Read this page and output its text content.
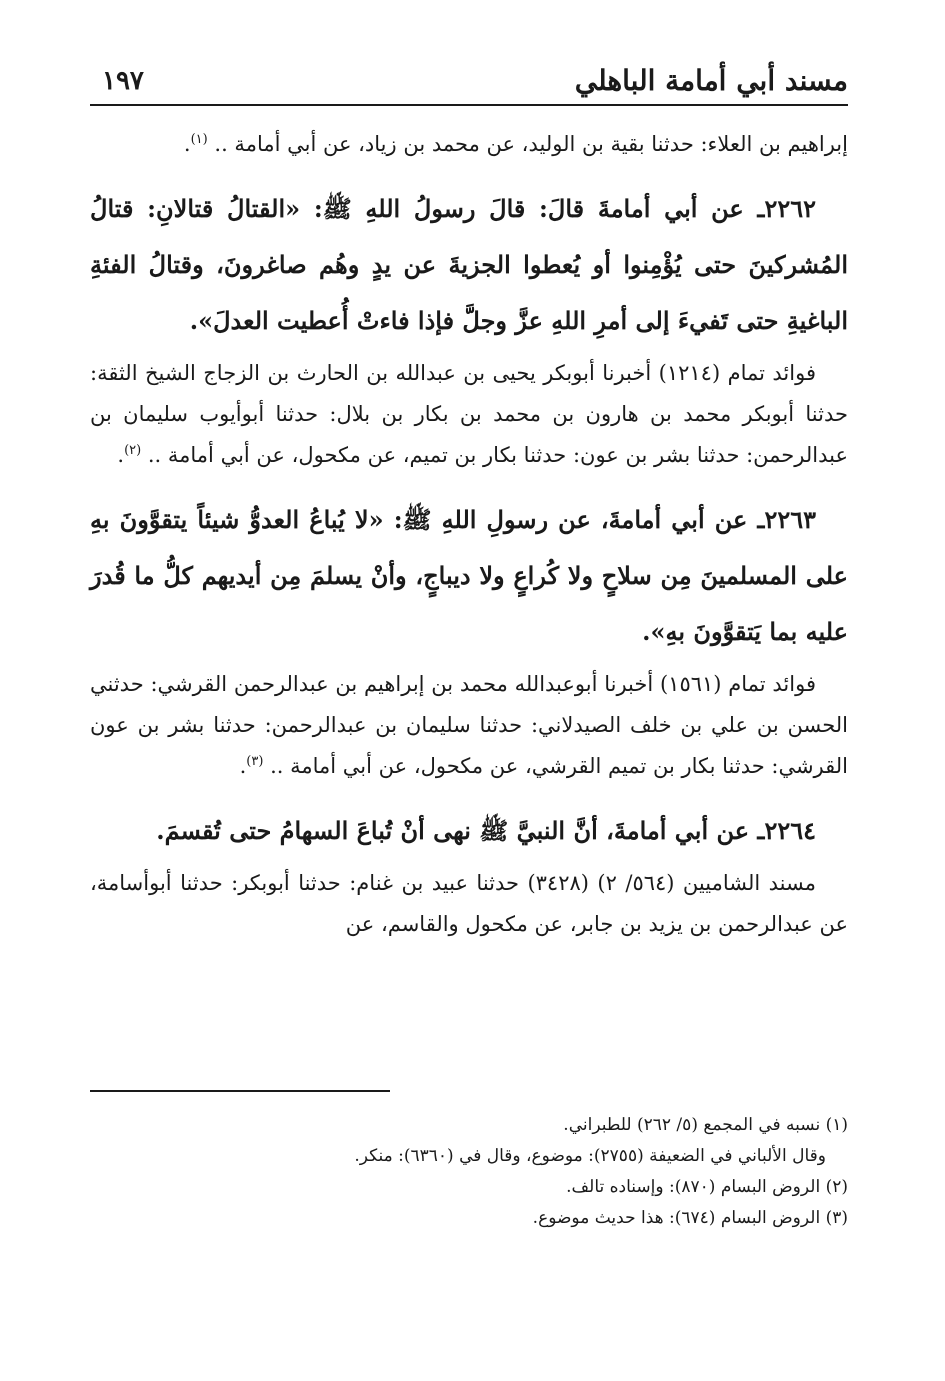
مسند أبي أمامة الباهلي
١٩٧

إبراهيم بن العلاء: حدثنا بقية بن الوليد، عن محمد بن زياد، عن أبي أمامة .. $^{(١)}$.

٢٢٦٢ـ عن أبي أمامةَ قالَ: قالَ رسولُ اللهِ ﷺ: «القتالُ قتالانِ: قتالُ المُشركينَ حتى يُؤْمِنوا أو يُعطوا الجزيةَ عن يدٍ وهُم صاغرونَ، وقتالُ الفئةِ الباغيةِ حتى تَفيءَ إلى أمرِ اللهِ عزَّ وجلَّ فإذا فاءتْ أُعطيت العدلَ».

فوائد تمام (١٢١٤) أخبرنا أبوبكر يحيى بن عبدالله بن الحارث بن الزجاج الشيخ الثقة: حدثنا أبوبكر محمد بن هارون بن محمد بن بكار بن بلال: حدثنا أبوأيوب سليمان بن عبدالرحمن: حدثنا بشر بن عون: حدثنا بكار بن تميم، عن مكحول، عن أبي أمامة .. $^{(٢)}$.

٢٢٦٣ـ عن أبي أمامةَ، عن رسولِ اللهِ ﷺ: «لا يُباعُ العدوُّ شيئاً يتقوَّونَ بهِ على المسلمينَ مِن سلاحٍ ولا كُراعٍ ولا ديباجٍ، وأنْ يسلمَ مِن أيديهم كلُّ ما قُدرَ عليه بما يَتقوَّونَ بهِ».

فوائد تمام (١٥٦١) أخبرنا أبوعبدالله محمد بن إبراهيم بن عبدالرحمن القرشي: حدثني الحسن بن علي بن خلف الصيدلاني: حدثنا سليمان بن عبدالرحمن: حدثنا بشر بن عون القرشي: حدثنا بكار بن تميم القرشي، عن مكحول، عن أبي أمامة .. $^{(٣)}$.

٢٢٦٤ـ عن أبي أمامةَ، أنَّ النبيَّ ﷺ نهى أنْ تُباعَ السهامُ حتى تُقسمَ.

مسند الشاميين (٥٦٤/ ٢) (٣٤٢٨) حدثنا عبيد بن غنام: حدثنا أبوبكر: حدثنا أبوأسامة، عن عبدالرحمن بن يزيد بن جابر، عن مكحول والقاسم، عن

(١) نسبه في المجمع (٥/ ٢٦٢) للطبراني.

وقال الألباني في الضعيفة (٢٧٥٥): موضوع، وقال في (٦٣٦٠): منكر.

(٢) الروض البسام (٨٧٠): وإسناده تالف.

(٣) الروض البسام (٦٧٤): هذا حديث موضوع.
